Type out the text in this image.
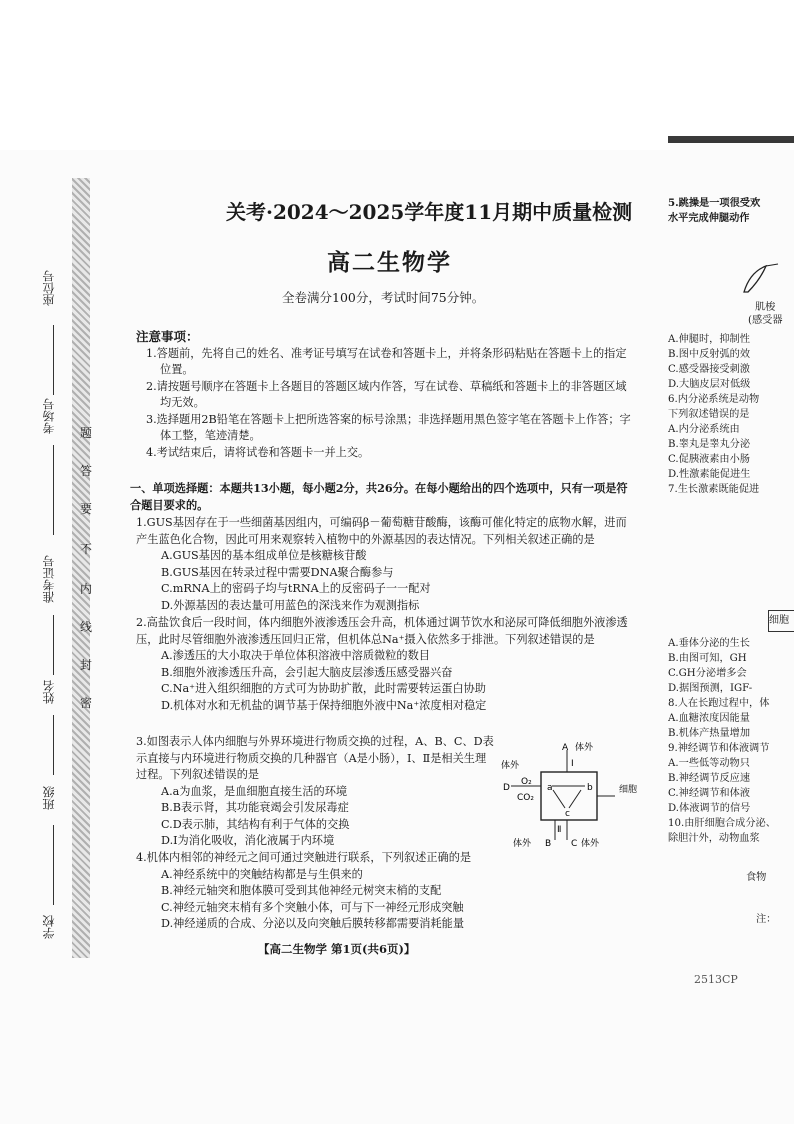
座位号
考场号
准考证号
姓名
班级
学校
题
答
要
不
内
线
封
密
关考·2024～2025学年度11月期中质量检测
高二生物学
全卷满分100分，考试时间75分钟。
注意事项：
1.答题前，先将自己的姓名、准考证号填写在试卷和答题卡上，并将条形码粘贴在答题卡上的指定位置。
2.请按题号顺序在答题卡上各题目的答题区域内作答，写在试卷、草稿纸和答题卡上的非答题区域均无效。
3.选择题用2B铅笔在答题卡上把所选答案的标号涂黑；非选择题用黑色签字笔在答题卡上作答；字体工整，笔迹清楚。
4.考试结束后，请将试卷和答题卡一并上交。
一、单项选择题：本题共13小题，每小题2分，共26分。在每小题给出的四个选项中，只有一项是符合题目要求的。
1.GUS基因存在于一些细菌基因组内，可编码β－葡萄糖苷酸酶，该酶可催化特定的底物水解，进而产生蓝色化合物，因此可用来观察转入植物中的外源基因的表达情况。下列相关叙述正确的是
A.GUS基因的基本组成单位是核糖核苷酸
B.GUS基因在转录过程中需要DNA聚合酶参与
C.mRNA上的密码子均与tRNA上的反密码子一一配对
D.外源基因的表达量可用蓝色的深浅来作为观测指标
2.高盐饮食后一段时间，体内细胞外液渗透压会升高，机体通过调节饮水和泌尿可降低细胞外液渗透压，此时尽管细胞外液渗透压回归正常，但机体总Na⁺摄入依然多于排泄。下列叙述错误的是
A.渗透压的大小取决于单位体积溶液中溶质微粒的数目
B.细胞外液渗透压升高，会引起大脑皮层渗透压感受器兴奋
C.Na⁺进入组织细胞的方式可为协助扩散，此时需要转运蛋白协助
D.机体对水和无机盐的调节基于保持细胞外液中Na⁺浓度相对稳定
3.如图表示人体内细胞与外界环境进行物质交换的过程，A、B、C、D表示直接与内环境进行物质交换的几种器官（A是小肠），Ⅰ、Ⅱ是相关生理过程。下列叙述错误的是
A.a为血浆，是血细胞直接生活的环境
B.B表示肾，其功能衰竭会引发尿毒症
C.D表示肺，其结构有利于气体的交换
D.Ⅰ为消化吸收，消化液属于内环境
A 体外
体外
D
O₂
CO₂
a	b
c
Ⅰ
Ⅱ
细胞
B C
体外	体外
4.机体内相邻的神经元之间可通过突触进行联系，下列叙述正确的是
A.神经系统中的突触结构都是与生俱来的
B.神经元轴突和胞体膜可受到其他神经元树突末梢的支配
C.神经元轴突末梢有多个突触小体，可与下一神经元形成突触
D.神经递质的合成、分泌以及向突触后膜转移都需要消耗能量
【高二生物学 第1页(共6页)】
2513CP
5.跳操是一项很受欢
水平完成伸腿动作
肌梭
(感受器
A.伸腿时，抑制性
B.图中反射弧的效
C.感受器接受刺激
D.大脑皮层对低级
6.内分泌系统是动物
下列叙述错误的是
A.内分泌系统由
B.睾丸是睾丸分泌
C.促胰液素由小肠
D.性激素能促进生
7.生长激素既能促进
细胞
A.垂体分泌的生长
B.由图可知，GH
C.GH分泌增多会
D.据图预测，IGF-
8.人在长跑过程中，体
A.血糖浓度因能量
B.机体产热量增加
9.神经调节和体液调节
A.一些低等动物只
B.神经调节反应速
C.神经调节和体液
D.体液调节的信号
10.由肝细胞合成分泌、
除胆汁外，动物血浆
食物
注：
